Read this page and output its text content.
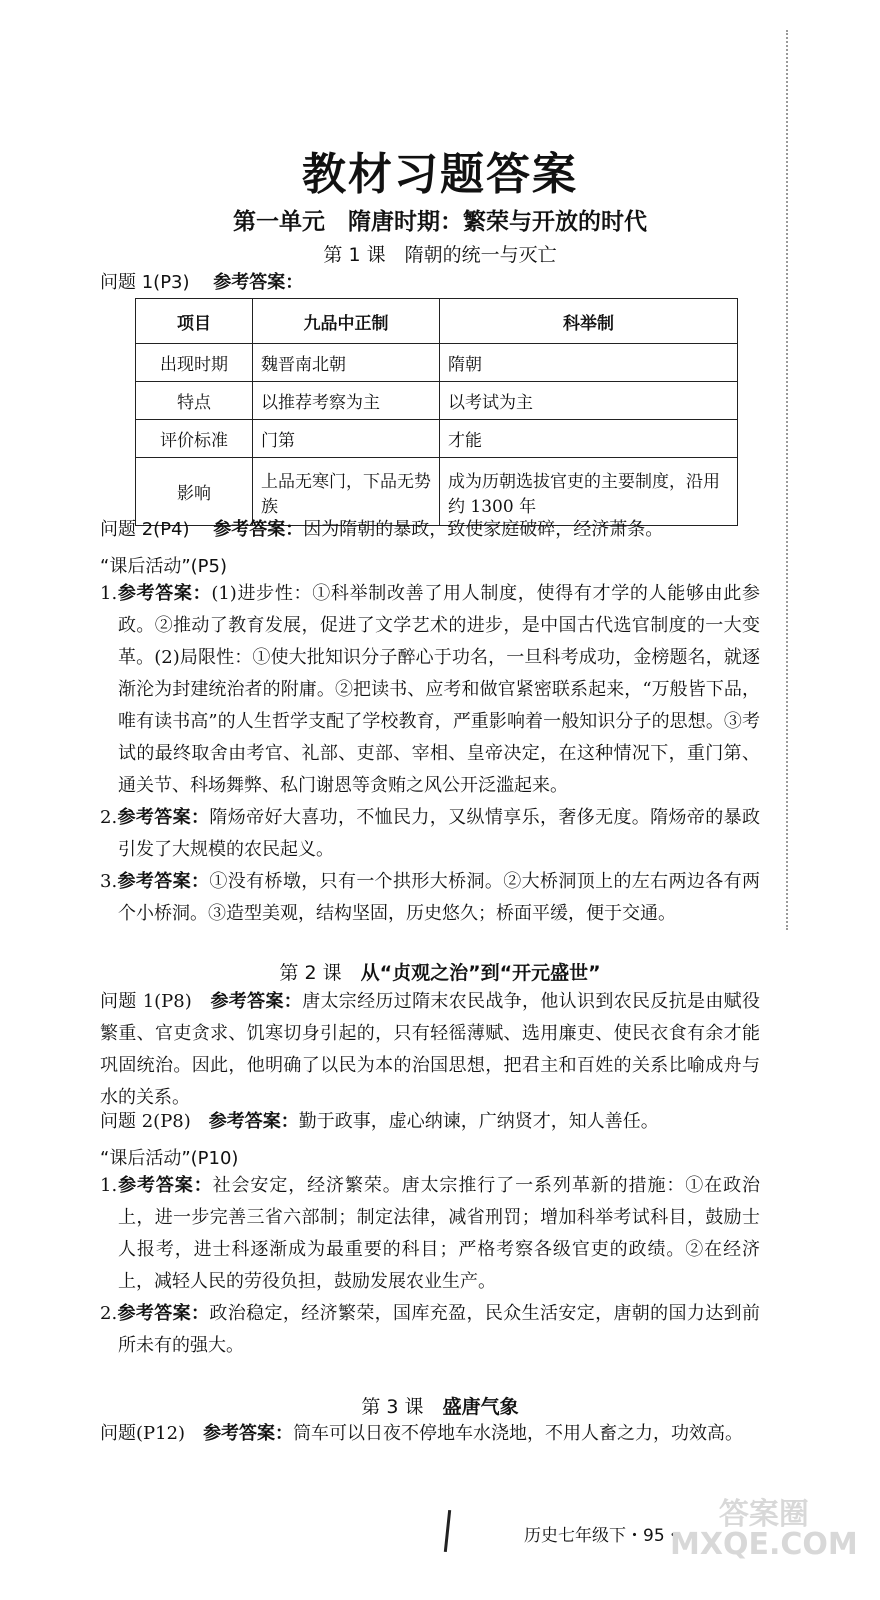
教材习题答案
第一单元　隋唐时期：繁荣与开放的时代
第 1 课　隋朝的统一与灭亡
问题 1(P3)　 参考答案：
项目	九品中正制	科举制
出现时期	魏晋南北朝	隋朝
特点	以推荐考察为主	以考试为主
评价标准	门第	才能
影响	上品无寒门，下品无势族	成为历朝选拔官吏的主要制度，沿用约 1300 年
问题 2(P4)　 参考答案：因为隋朝的暴政，致使家庭破碎，经济萧条。
“课后活动”(P5)
1.参考答案：(1)进步性：①科举制改善了用人制度，使得有才学的人能够由此参政。②推动了教育发展，促进了文学艺术的进步，是中国古代选官制度的一大变革。(2)局限性：①使大批知识分子醉心于功名，一旦科考成功，金榜题名，就逐渐沦为封建统治者的附庸。②把读书、应考和做官紧密联系起来，“万般皆下品，唯有读书高”的人生哲学支配了学校教育，严重影响着一般知识分子的思想。③考试的最终取舍由考官、礼部、吏部、宰相、皇帝决定，在这种情况下，重门第、通关节、科场舞弊、私门谢恩等贪贿之风公开泛滥起来。
2.参考答案：隋炀帝好大喜功，不恤民力，又纵情享乐，奢侈无度。隋炀帝的暴政引发了大规模的农民起义。
3.参考答案：①没有桥墩，只有一个拱形大桥洞。②大桥洞顶上的左右两边各有两个小桥洞。③造型美观，结构坚固，历史悠久；桥面平缓，便于交通。
第 2 课　 从“贞观之治”到“开元盛世”
问题 1(P8)　 参考答案：唐太宗经历过隋末农民战争，他认识到农民反抗是由赋役繁重、官吏贪求、饥寒切身引起的，只有轻徭薄赋、选用廉吏、使民衣食有余才能巩固统治。因此，他明确了以民为本的治国思想，把君主和百姓的关系比喻成舟与水的关系。
问题 2(P8)　 参考答案：勤于政事，虚心纳谏，广纳贤才，知人善任。
“课后活动”(P10)
1.参考答案：社会安定，经济繁荣。唐太宗推行了一系列革新的措施：①在政治上，进一步完善三省六部制；制定法律，减省刑罚；增加科举考试科目，鼓励士人报考，进士科逐渐成为最重要的科目；严格考察各级官吏的政绩。②在经济上，减轻人民的劳役负担，鼓励发展农业生产。
2.参考答案：政治稳定，经济繁荣，国库充盈，民众生活安定，唐朝的国力达到前所未有的强大。
第 3 课　 盛唐气象
问题(P12)　 参考答案：筒车可以日夜不停地车水浇地，不用人畜之力，功效高。
历史七年级下・95・
答案圈 MXQE.COM
